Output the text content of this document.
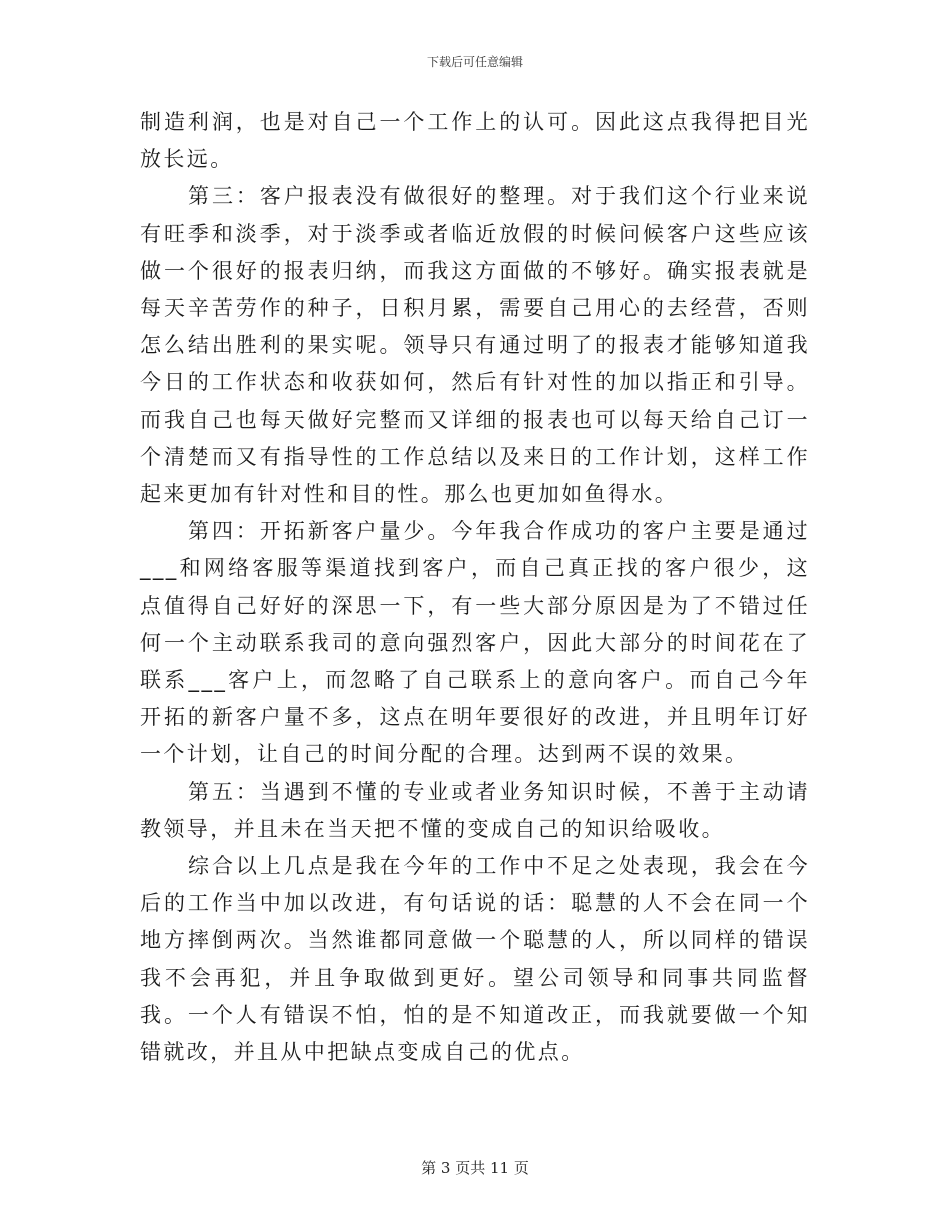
下载后可任意编辑

制造利润，也是对自己一个工作上的认可。因此这点我得把目光放长远。

第三：客户报表没有做很好的整理。对于我们这个行业来说有旺季和淡季，对于淡季或者临近放假的时候问候客户这些应该做一个很好的报表归纳，而我这方面做的不够好。确实报表就是每天辛苦劳作的种子，日积月累，需要自己用心的去经营，否则怎么结出胜利的果实呢。领导只有通过明了的报表才能够知道我今日的工作状态和收获如何，然后有针对性的加以指正和引导。而我自己也每天做好完整而又详细的报表也可以每天给自己订一个清楚而又有指导性的工作总结以及来日的工作计划，这样工作起来更加有针对性和目的性。那么也更加如鱼得水。

第四：开拓新客户量少。今年我合作成功的客户主要是通过___和网络客服等渠道找到客户，而自己真正找的客户很少，这点值得自己好好的深思一下，有一些大部分原因是为了不错过任何一个主动联系我司的意向强烈客户，因此大部分的时间花在了联系___客户上，而忽略了自己联系上的意向客户。而自己今年开拓的新客户量不多，这点在明年要很好的改进，并且明年订好一个计划，让自己的时间分配的合理。达到两不误的效果。

第五：当遇到不懂的专业或者业务知识时候，不善于主动请教领导，并且未在当天把不懂的变成自己的知识给吸收。

综合以上几点是我在今年的工作中不足之处表现，我会在今后的工作当中加以改进，有句话说的话：聪慧的人不会在同一个地方摔倒两次。当然谁都同意做一个聪慧的人，所以同样的错误我不会再犯，并且争取做到更好。望公司领导和同事共同监督我。一个人有错误不怕，怕的是不知道改正，而我就要做一个知错就改，并且从中把缺点变成自己的优点。

第 3 页共 11 页
